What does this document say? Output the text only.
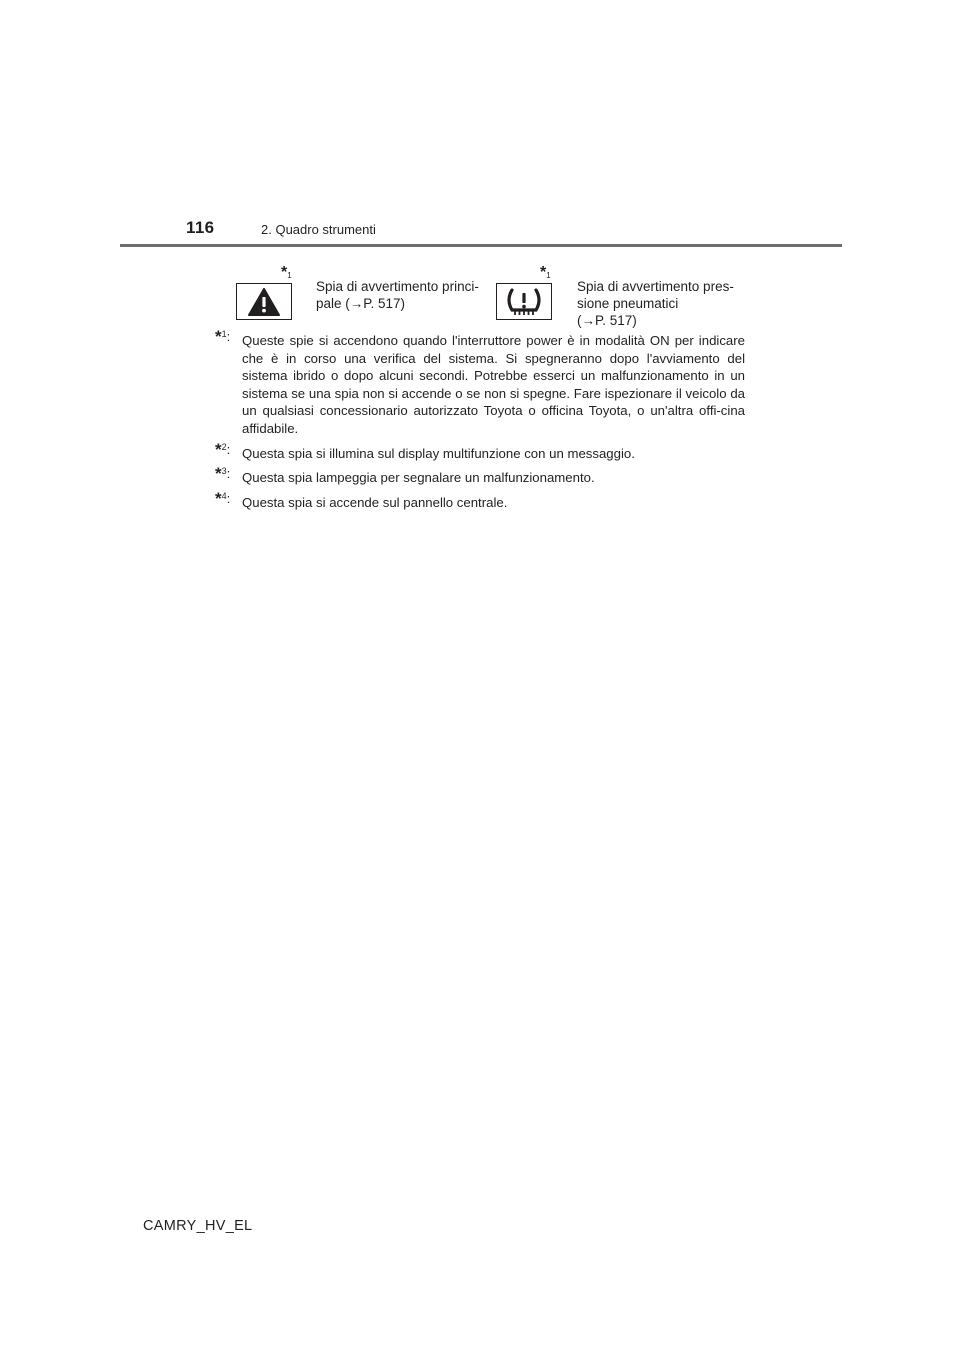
116	2. Quadro strumenti
$*_1$
Spia di avvertimento princi-
pale (→P. 517)
$*_1$
Spia di avvertimento pres-
sione pneumatici
(→P. 517)
*$^1$: Queste spie si accendono quando l'interruttore power è in modalità ON per indicare che è in corso una verifica del sistema. Si spegneranno dopo l'avviamento del sistema ibrido o dopo alcuni secondi. Potrebbe esserci un malfunzionamento in un sistema se una spia non si accende o se non si spegne. Fare ispezionare il veicolo da un qualsiasi concessionario autorizzato Toyota o officina Toyota, o un'altra offi-cina affidabile.
*$^2$: Questa spia si illumina sul display multifunzione con un messaggio.
*$^3$: Questa spia lampeggia per segnalare un malfunzionamento.
*$^4$: Questa spia si accende sul pannello centrale.
CAMRY_HV_EL
